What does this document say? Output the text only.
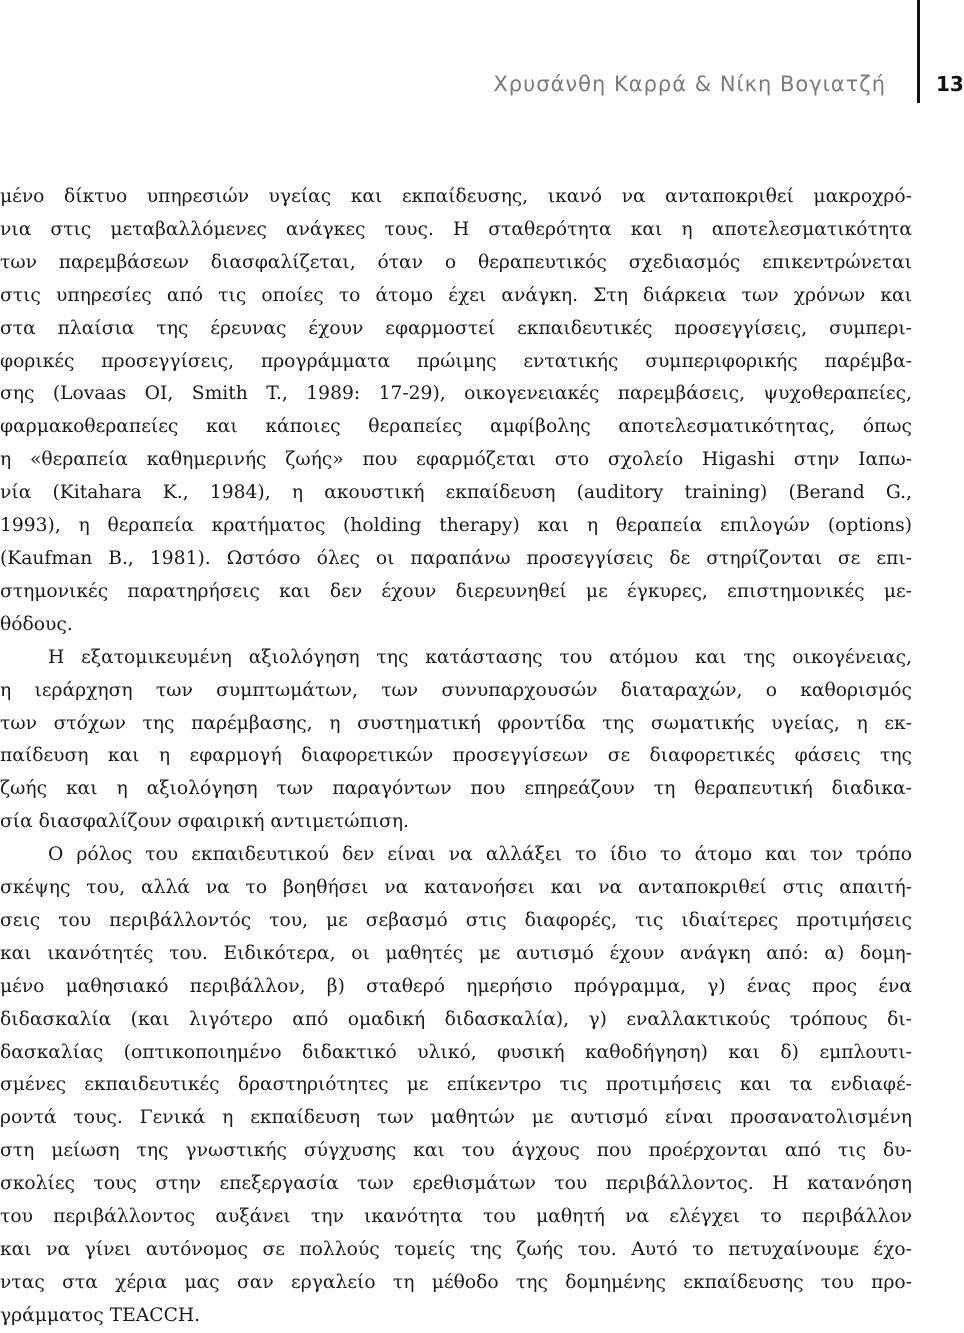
Χρυσάνθη Καρρά & Νίκη Βογιατζή	13
μένο δίκτυο υπηρεσιών υγείας και εκπαίδευσης, ικανό να ανταποκριθεί μακροχρό-
νια στις μεταβαλλόμενες ανάγκες τους. Η σταθερότητα και η αποτελεσματικότητα
των παρεμβάσεων διασφαλίζεται, όταν ο θεραπευτικός σχεδιασμός επικεντρώνεται
στις υπηρεσίες από τις οποίες το άτομο έχει ανάγκη. Στη διάρκεια των χρόνων και
στα πλαίσια της έρευνας έχουν εφαρμοστεί εκπαιδευτικές προσεγγίσεις, συμπερι-
φορικές προσεγγίσεις, προγράμματα πρώιμης εντατικής συμπεριφορικής παρέμβα-
σης (Lovaas OI, Smith T., 1989: 17-29), οικογενειακές παρεμβάσεις, ψυχοθεραπείες,
φαρμακοθεραπείες και κάποιες θεραπείες αμφίβολης αποτελεσματικότητας, όπως
η «θεραπεία καθημερινής ζωής» που εφαρμόζεται στο σχολείο Higashi στην Ιαπω-
νία (Kitahara K., 1984), η ακουστική εκπαίδευση (auditory training) (Berand G.,
1993), η θεραπεία κρατήματος (holding therapy) και η θεραπεία επιλογών (options)
(Kaufman B., 1981). Ωστόσο όλες οι παραπάνω προσεγγίσεις δε στηρίζονται σε επι-
στημονικές παρατηρήσεις και δεν έχουν διερευνηθεί με έγκυρες, επιστημονικές με-
θόδους.
Η εξατομικευμένη αξιολόγηση της κατάστασης του ατόμου και της οικογένειας,
η ιεράρχηση των συμπτωμάτων, των συνυπαρχουσών διαταραχών, ο καθορισμός
των στόχων της παρέμβασης, η συστηματική φροντίδα της σωματικής υγείας, η εκ-
παίδευση και η εφαρμογή διαφορετικών προσεγγίσεων σε διαφορετικές φάσεις της
ζωής και η αξιολόγηση των παραγόντων που επηρεάζουν τη θεραπευτική διαδικα-
σία διασφαλίζουν σφαιρική αντιμετώπιση.
Ο ρόλος του εκπαιδευτικού δεν είναι να αλλάξει το ίδιο το άτομο και τον τρόπο
σκέψης του, αλλά να το βοηθήσει να κατανοήσει και να ανταποκριθεί στις απαιτή-
σεις του περιβάλλοντός του, με σεβασμό στις διαφορές, τις ιδιαίτερες προτιμήσεις
και ικανότητές του. Ειδικότερα, οι μαθητές με αυτισμό έχουν ανάγκη από: α) δομη-
μένο μαθησιακό περιβάλλον, β) σταθερό ημερήσιο πρόγραμμα, γ) ένας προς ένα
διδασκαλία (και λιγότερο από ομαδική διδασκαλία), γ) εναλλακτικούς τρόπους δι-
δασκαλίας (οπτικοποιημένο διδακτικό υλικό, φυσική καθοδήγηση) και δ) εμπλουτι-
σμένες εκπαιδευτικές δραστηριότητες με επίκεντρο τις προτιμήσεις και τα ενδιαφέ-
ροντά τους. Γενικά η εκπαίδευση των μαθητών με αυτισμό είναι προσανατολισμένη
στη μείωση της γνωστικής σύγχυσης και του άγχους που προέρχονται από τις δυ-
σκολίες τους στην επεξεργασία των ερεθισμάτων του περιβάλλοντος. Η κατανόηση
του περιβάλλοντος αυξάνει την ικανότητα του μαθητή να ελέγχει το περιβάλλον
και να γίνει αυτόνομος σε πολλούς τομείς της ζωής του. Αυτό το πετυχαίνουμε έχο-
ντας στα χέρια μας σαν εργαλείο τη μέθοδο της δομημένης εκπαίδευσης του προ-
γράμματος TEACCH.
